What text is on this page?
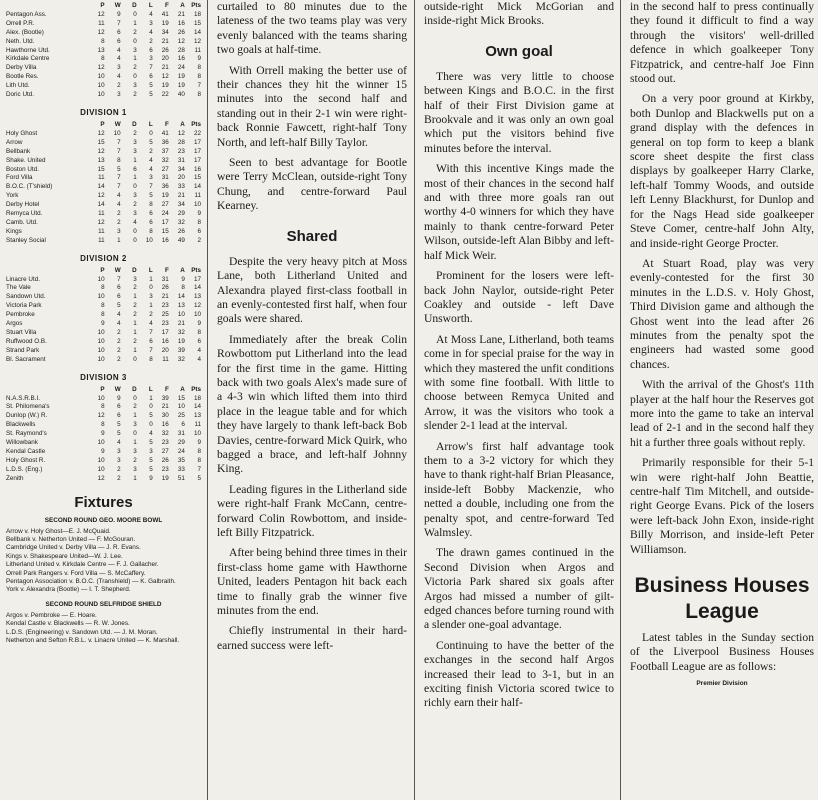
	P	W	D	L	F	A	Pts
Pentagon Ass.	12	9	0	4	41	21	18
Orrell P.R.	11	7	1	3	19	16	15
Alex. (Bootle)	12	6	2	4	34	26	14
Neth. Utd.	8	6	0	2	21	12	12
Hawthorne Utd.	13	4	3	6	26	28	11
Kirkdale Centre	8	4	1	3	20	16	9
Derby Villa	12	3	2	7	21	24	8
Bootle Res.	10	4	0	6	12	19	8
Lith Utd.	10	2	3	5	19	19	7
Doric Utd.	10	3	2	5	22	40	8
DIVISION 1
	P	W	D	L	F	A	Pts
Holy Ghost	12	10	2	0	41	12	22
Arrow	15	7	3	5	36	28	17
Bellbank	12	7	3	2	37	23	17
Shake. United	13	8	1	4	32	31	17
Boston Utd.	15	5	6	4	27	34	16
Ford Villa	11	7	1	3	31	20	15
B.O.C. (T'shield)	14	7	0	7	36	33	14
York	12	4	3	5	19	21	11
Derby Hotel	14	4	2	8	27	34	10
Remyca Utd.	11	2	3	6	24	29	9
Camb. Utd.	12	2	4	6	17	32	8
Kings	11	3	0	8	15	26	6
Stanley Social	11	1	0	10	16	49	2
DIVISION 2
	P	W	D	L	F	A	Pts
Linacre Utd.	10	7	3	1	31	9	17
The Vale	8	6	2	0	26	8	14
Sandown Utd.	10	6	1	3	21	14	13
Victoria Park	8	5	2	1	23	13	12
Pembroke	8	4	2	2	25	10	10
Argos	9	4	1	4	23	21	9
Stuart Villa	10	2	1	7	17	32	8
Ruffwood O.B.	10	2	2	6	16	19	6
Strand Park	10	2	1	7	20	39	4
Bl. Sacrament	10	2	0	8	11	32	4
DIVISION 3
	P	W	D	L	F	A	Pts
N.A.S.R.B.I.	10	9	0	1	39	15	18
St. Philomena's	8	6	2	0	21	10	14
Dunlop (W.) R.	12	6	1	5	30	25	13
Blackwells	8	5	3	0	16	6	11
St. Raymond's	9	5	0	4	32	31	10
Willowbank	10	4	1	5	23	29	9
Kendal Castle	9	3	3	3	27	24	8
Holy Ghost R.	10	3	2	5	26	35	8
L.D.S. (Eng.)	10	2	3	5	23	33	7
Zenith	12	2	1	9	19	51	5
Fixtures
SECOND ROUND GEO. MOORE BOWL

Arrow v. Holy Ghost—E. J. McQuaid.

Bellbank v. Netherton United — F. McGouran.

Cambridge United v. Derby Villa — J. R. Evans.

Kings v. Shakespeare United—W. J. Lee.

Litherland United v. Kirkdale Centre — F. J. Gallacher.

Orrell Park Rangers v. Ford Villa — S. McCaffery.

Pentagon Association v. B.O.C. (Transhield) — K. Galbraith.

York v. Alexandra (Bootle) — I. T. Shepherd.

SECOND ROUND SELFRIDGE SHIELD

Argos v. Pembroke — E. Hoare.

Kendal Castle v. Blackwells — R. W. Jones.

L.D.S. (Engineering) v. Sandown Utd. — J. M. Moran.

Netherton and Sefton R.B.L. v. Linacre United — K. Marshall.

curtailed to 80 minutes due to the lateness of the two teams play was very evenly balanced with the teams sharing two goals at half-time.

With Orrell making the better use of their chances they hit the winner 15 minutes into the second half and standing out in their 2-1 win were right-back Ronnie Fawcett, right-half Tony North, and left-half Billy Taylor.

Seen to best advantage for Bootle were Terry McClean, outside-right Tony Chung, and centre-forward Paul Kearney.

Shared

Despite the very heavy pitch at Moss Lane, both Litherland United and Alexandra played first-class football in an evenly-contested first half, when four goals were shared.

Immediately after the break Colin Rowbottom put Litherland into the lead for the first time in the game. Hitting back with two goals Alex's made sure of a 4-3 win which lifted them into third place in the league table and for which they have largely to thank left-back Bob Davies, centre-forward Mick Quirk, who bagged a brace, and left-half Johnny King.

Leading figures in the Litherland side were right-half Frank McCann, centre-forward Colin Rowbottom, and inside-left Billy Fitzpatrick.

After being behind three times in their first-class home game with Hawthorne United, leaders Pentagon hit back each time to finally grab the winner five minutes from the end.

Chiefly instrumental in their hard-earned success were left-

outside-right Mick McGorian and inside-right Mick Brooks.

Own goal

There was very little to choose between Kings and B.O.C. in the first half of their First Division game at Brookvale and it was only an own goal which put the visitors behind five minutes before the interval.

With this incentive Kings made the most of their chances in the second half and with three more goals ran out worthy 4-0 winners for which they have mainly to thank centre-forward Peter Wilson, outside-left Alan Bibby and left-half Mick Weir.

Prominent for the losers were left-back John Naylor, outside-right Peter Coakley and outside - left Dave Unsworth.

At Moss Lane, Litherland, both teams come in for special praise for the way in which they mastered the unfit conditions with some fine football. With little to choose between Remyca United and Arrow, it was the visitors who took a slender 2-1 lead at the interval.

Arrow's first half advantage took them to a 3-2 victory for which they have to thank right-half Brian Pleasance, inside-left Bobby Mackenzie, who netted a double, including one from the penalty spot, and centre-forward Ted Walmsley.

The drawn games continued in the Second Division when Argos and Victoria Park shared six goals after Argos had missed a number of gilt-edged chances before turning round with a slender one-goal advantage.

Continuing to have the better of the exchanges in the second half Argos increased their lead to 3-1, but in an exciting finish Victoria scored twice to richly earn their half-

in the second half to press continually they found it difficult to find a way through the visitors' well-drilled defence in which goalkeeper Tony Fitzpatrick, and centre-half Joe Finn stood out.

On a very poor ground at Kirkby, both Dunlop and Blackwells put on a grand display with the defences in general on top form to keep a blank score sheet despite the first class displays by goalkeeper Harry Clarke, left-half Tommy Woods, and outside left Lenny Blackhurst, for Dunlop and for the Nags Head side goalkeeper Steve Comer, centre-half John Alty, and inside-right George Procter.

At Stuart Road, play was very evenly-contested for the first 30 minutes in the L.D.S. v. Holy Ghost, Third Division game and although the Ghost went into the lead after 26 minutes from the penalty spot the engineers had wasted some good chances.

With the arrival of the Ghost's 11th player at the half hour the Reserves got more into the game to take an interval lead of 2-1 and in the second half they hit a further three goals without reply.

Primarily responsible for their 5-1 win were right-half John Beattie, centre-half Tim Mitchell, and outside-right George Evans. Pick of the losers were left-back John Exon, inside-right Billy Morrison, and inside-left Peter Williamson.

Business Houses League

Latest tables in the Sunday section of the Liverpool Business Houses Football League are as follows:

Premier Division
